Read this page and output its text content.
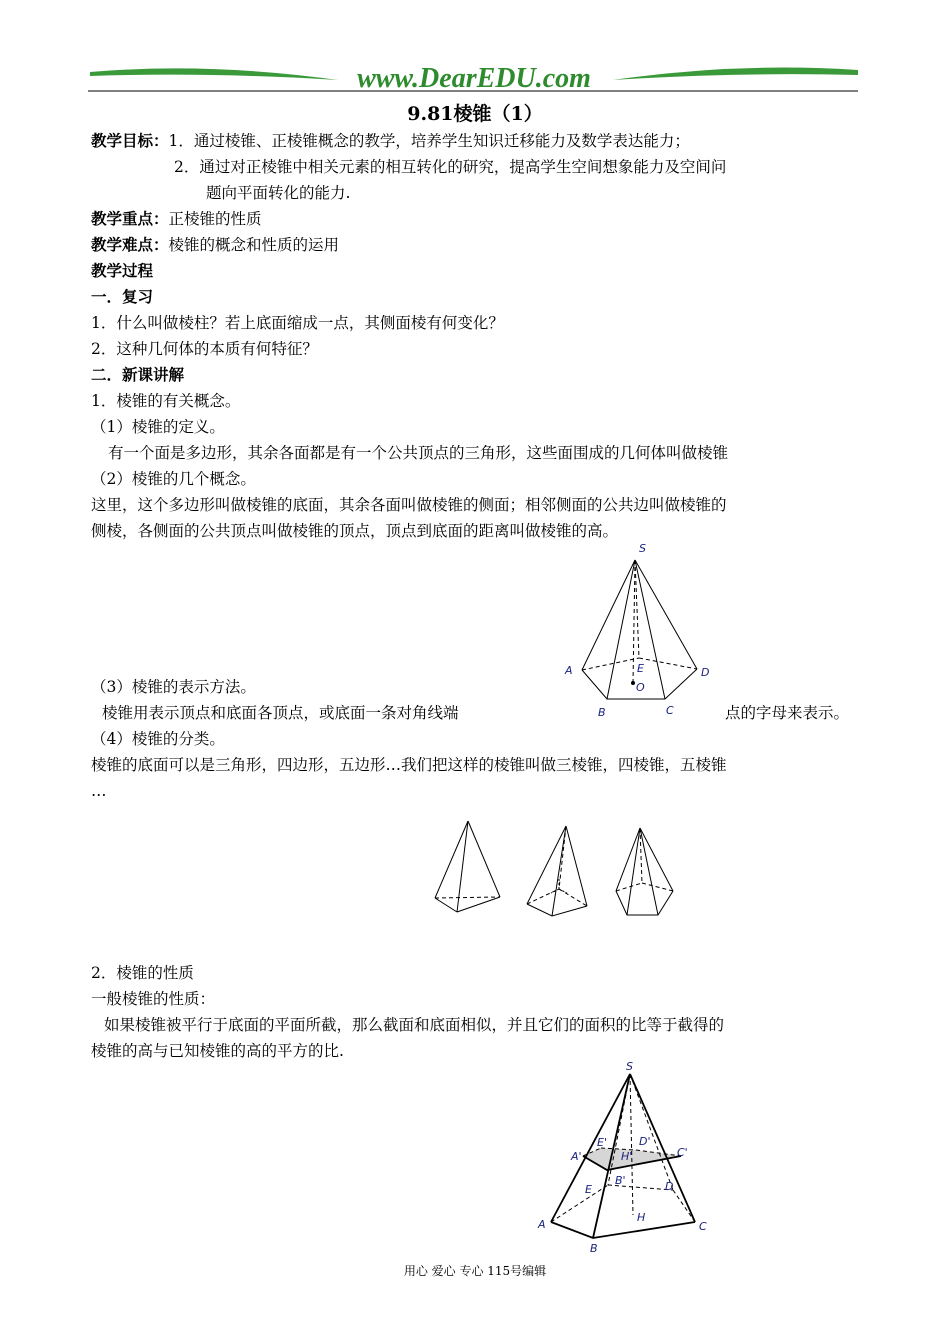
www.DearEDU.com
9.81棱锥（1）
教学目标：1．通过棱锥、正棱锥概念的教学，培养学生知识迁移能力及数学表达能力；
2．通过对正棱锥中相关元素的相互转化的研究，提高学生空间想象能力及空间问
题向平面转化的能力.
教学重点：正棱锥的性质
教学难点：棱锥的概念和性质的运用
教学过程
一．复习
1．什么叫做棱柱？若上底面缩成一点，其侧面棱有何变化？
2．这种几何体的本质有何特征？
二．新课讲解
1．棱锥的有关概念。
（1）棱锥的定义。
有一个面是多边形，其余各面都是有一个公共顶点的三角形，这些面围成的几何体叫做棱锥
（2）棱锥的几个概念。
这里，这个多边形叫做棱锥的底面，其余各面叫做棱锥的侧面；相邻侧面的公共边叫做棱锥的
侧棱，各侧面的公共顶点叫做棱锥的顶点，顶点到底面的距离叫做棱锥的高。
S
A	E	D
O
B	C
（3）棱锥的表示方法。
棱锥用表示顶点和底面各顶点，或底面一条对角线端	点的字母来表示。
（4）棱锥的分类。
棱锥的底面可以是三角形，四边形，五边形…我们把这样的棱锥叫做三棱锥，四棱锥，五棱锥
…
2．棱锥的性质
一般棱锥的性质：
如果棱锥被平行于底面的平面所截，那么截面和底面相似，并且它们的面积的比等于截得的
棱锥的高与已知棱锥的高的平方的比.
S
E'	D'
A'	H'	C'
B'
E	D
H
A	C
B
用心 爱心 专心 115号编辑
